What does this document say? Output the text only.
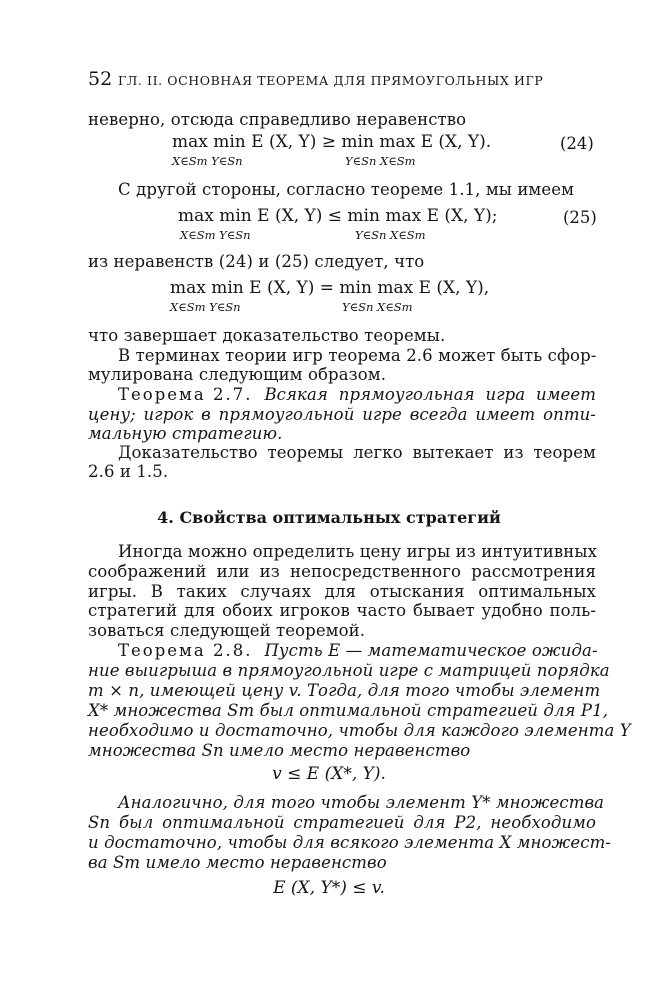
52 ГЛ. II. ОСНОВНАЯ ТЕОРЕМА ДЛЯ ПРЯМОУГОЛЬНЫХ ИГР
неверно, отсюда справедливо неравенство
max min E (X, Y) ≥ min max E (X, Y).
X∈Sm Y∈Sn	Y∈Sn X∈Sm
(24)
С другой стороны, согласно теореме 1.1, мы имеем
max min E (X, Y) ≤ min max E (X, Y);
X∈Sm Y∈Sn	Y∈Sn X∈Sm
(25)
из неравенств (24) и (25) следует, что
max min E (X, Y) = min max E (X, Y),
X∈Sm Y∈Sn	Y∈Sn X∈Sm
что завершает доказательство теоремы.
В терминах теории игр теорема 2.6 может быть сфор-
мулирована следующим образом.
Теорема 2.7. Всякая прямоугольная игра имеет
цену; игрок в прямоугольной игре всегда имеет опти-
мальную стратегию.
Доказательство теоремы легко вытекает из теорем
2.6 и 1.5.
4. Свойства оптимальных стратегий
Иногда можно определить цену игры из интуитивных
соображений или из непосредственного рассмотрения
игры. В таких случаях для отыскания оптимальных
стратегий для обоих игроков часто бывает удобно поль-
зоваться следующей теоремой.
Теорема 2.8. Пусть E — математическое ожида-
ние выигрыша в прямоугольной игре с матрицей порядка
m × n, имеющей цену v. Тогда, для того чтобы элемент
X* множества Sm был оптимальной стратегией для P1,
необходимо и достаточно, чтобы для каждого элемента Y
множества Sn имело место неравенство
v ≤ E (X*, Y).
Аналогично, для того чтобы элемент Y* множества
Sn был оптимальной стратегией для P2, необходимо
и достаточно, чтобы для всякого элемента X множест-
ва Sm имело место неравенство
E (X, Y*) ≤ v.
